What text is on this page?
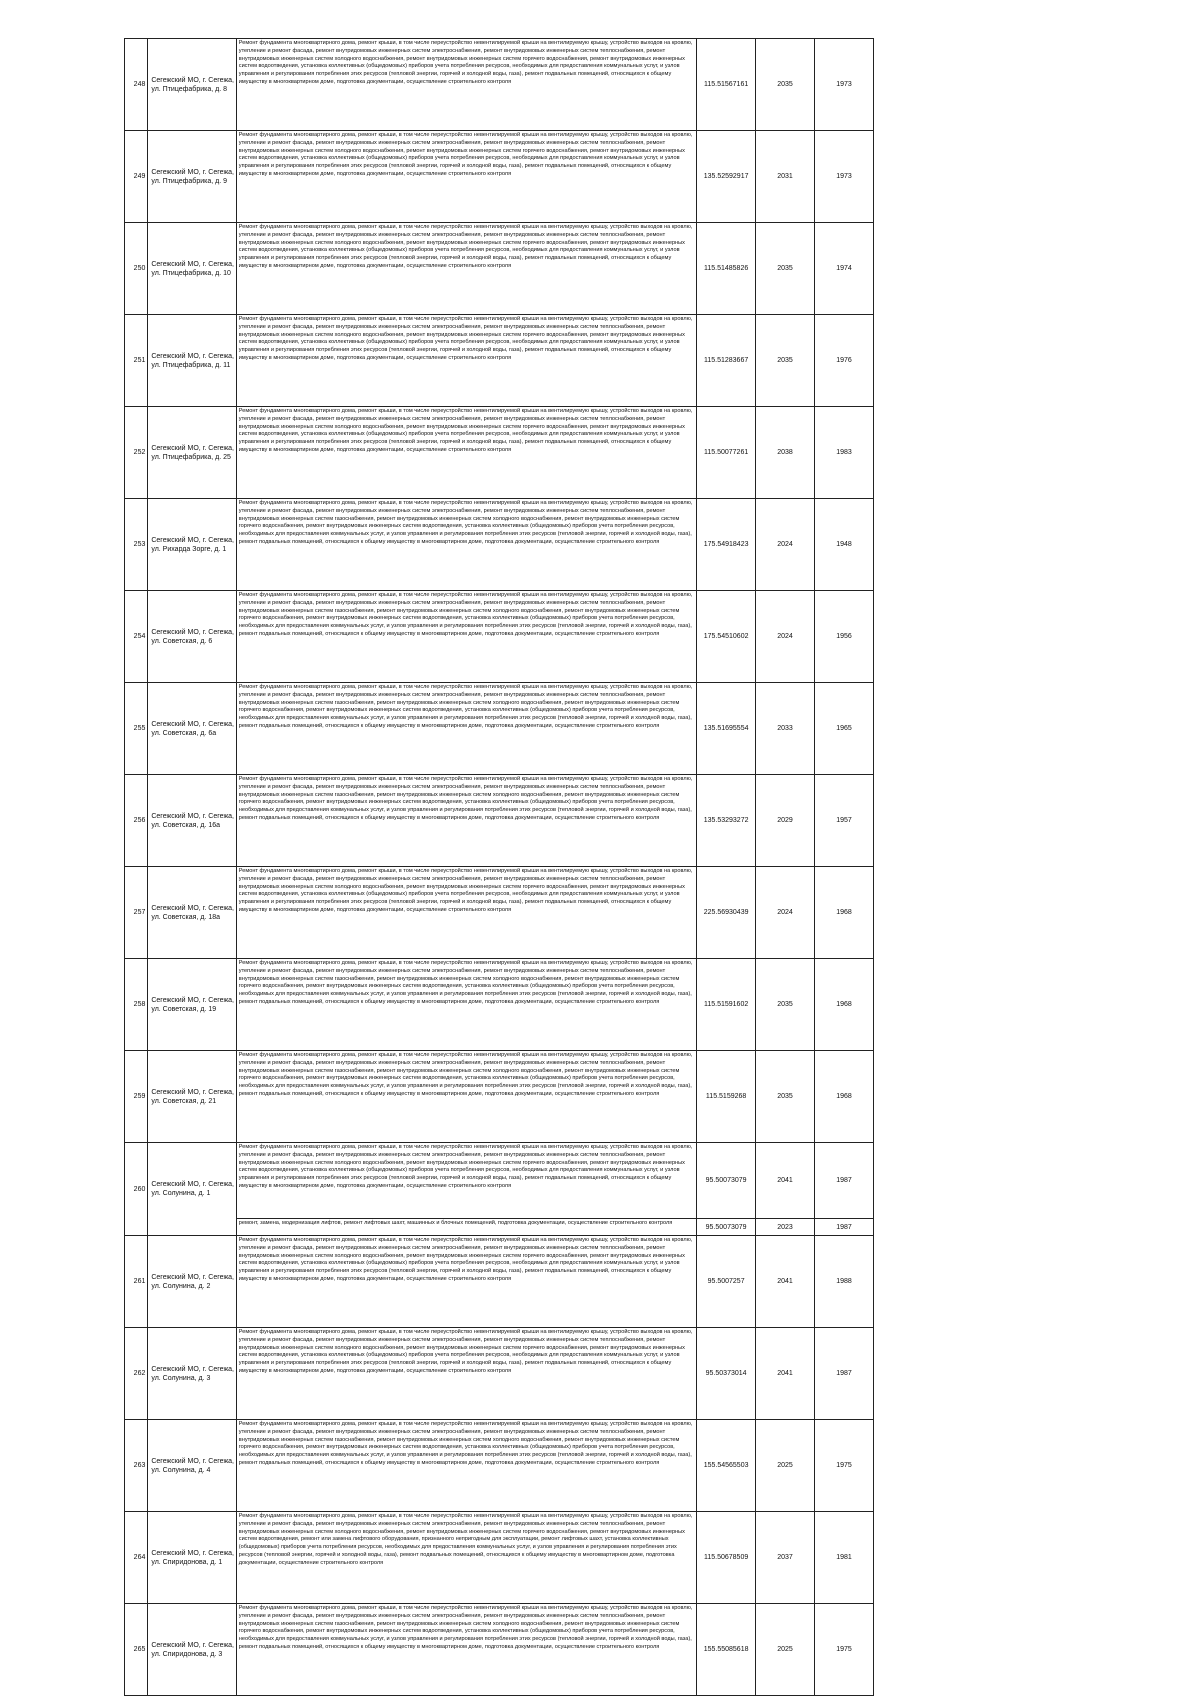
248	Сегежский МО, г. Сегежа, ул. Птицефабрика, д. 8	Ремонт фундамента многоквартирного дома, ремонт крыши, в том числе переустройство невентилируемой крыши на вентилируемую крышу, устройство выходов на кровлю, утепление и ремонт фасада, ремонт внутридомовых инженерных систем электроснабжения, ремонт внутридомовых инженерных систем теплоснабжения, ремонт внутридомовых инженерных систем холодного водоснабжения, ремонт внутридомовых инженерных систем горячего водоснабжения, ремонт внутридомовых инженерных систем водоотведения, установка коллективных (общедомовых) приборов учета потребления ресурсов, необходимых для предоставления коммунальных услуг, и узлов управления и регулирования потребления этих ресурсов (тепловой энергии, горячей и холодной воды, газа), ремонт подвальных помещений, относящихся к общему имуществу в многоквартирном доме, подготовка документации, осуществление строительного контроля	115.51567161	2035	1973
249	Сегежский МО, г. Сегежа, ул. Птицефабрика, д. 9	Ремонт фундамента многоквартирного дома, ремонт крыши, в том числе переустройство невентилируемой крыши на вентилируемую крышу, устройство выходов на кровлю, утепление и ремонт фасада, ремонт внутридомовых инженерных систем электроснабжения, ремонт внутридомовых инженерных систем теплоснабжения, ремонт внутридомовых инженерных систем холодного водоснабжения, ремонт внутридомовых инженерных систем горячего водоснабжения, ремонт внутридомовых инженерных систем водоотведения, установка коллективных (общедомовых) приборов учета потребления ресурсов, необходимых для предоставления коммунальных услуг, и узлов управления и регулирования потребления этих ресурсов (тепловой энергии, горячей и холодной воды, газа), ремонт подвальных помещений, относящихся к общему имуществу в многоквартирном доме, подготовка документации, осуществление строительного контроля	135.52592917	2031	1973
250	Сегежский МО, г. Сегежа, ул. Птицефабрика, д. 10	Ремонт фундамента многоквартирного дома, ремонт крыши, в том числе переустройство невентилируемой крыши на вентилируемую крышу, устройство выходов на кровлю, утепление и ремонт фасада, ремонт внутридомовых инженерных систем электроснабжения, ремонт внутридомовых инженерных систем теплоснабжения, ремонт внутридомовых инженерных систем холодного водоснабжения, ремонт внутридомовых инженерных систем горячего водоснабжения, ремонт внутридомовых инженерных систем водоотведения, установка коллективных (общедомовых) приборов учета потребления ресурсов, необходимых для предоставления коммунальных услуг, и узлов управления и регулирования потребления этих ресурсов (тепловой энергии, горячей и холодной воды, газа), ремонт подвальных помещений, относящихся к общему имуществу в многоквартирном доме, подготовка документации, осуществление строительного контроля	115.51485826	2035	1974
251	Сегежский МО, г. Сегежа, ул. Птицефабрика, д. 11	Ремонт фундамента многоквартирного дома, ремонт крыши, в том числе переустройство невентилируемой крыши на вентилируемую крышу, устройство выходов на кровлю, утепление и ремонт фасада, ремонт внутридомовых инженерных систем электроснабжения, ремонт внутридомовых инженерных систем теплоснабжения, ремонт внутридомовых инженерных систем холодного водоснабжения, ремонт внутридомовых инженерных систем горячего водоснабжения, ремонт внутридомовых инженерных систем водоотведения, установка коллективных (общедомовых) приборов учета потребления ресурсов, необходимых для предоставления коммунальных услуг, и узлов управления и регулирования потребления этих ресурсов (тепловой энергии, горячей и холодной воды, газа), ремонт подвальных помещений, относящихся к общему имуществу в многоквартирном доме, подготовка документации, осуществление строительного контроля	115.51283667	2035	1976
252	Сегежский МО, г. Сегежа, ул. Птицефабрика, д. 25	Ремонт фундамента многоквартирного дома, ремонт крыши, в том числе переустройство невентилируемой крыши на вентилируемую крышу, устройство выходов на кровлю, утепление и ремонт фасада, ремонт внутридомовых инженерных систем электроснабжения, ремонт внутридомовых инженерных систем теплоснабжения, ремонт внутридомовых инженерных систем холодного водоснабжения, ремонт внутридомовых инженерных систем горячего водоснабжения, ремонт внутридомовых инженерных систем водоотведения, установка коллективных (общедомовых) приборов учета потребления ресурсов, необходимых для предоставления коммунальных услуг, и узлов управления и регулирования потребления этих ресурсов (тепловой энергии, горячей и холодной воды, газа), ремонт подвальных помещений, относящихся к общему имуществу в многоквартирном доме, подготовка документации, осуществление строительного контроля	115.50077261	2038	1983
253	Сегежский МО, г. Сегежа, ул. Рихарда Зорге, д. 1	Ремонт фундамента многоквартирного дома, ремонт крыши, в том числе переустройство невентилируемой крыши на вентилируемую крышу, устройство выходов на кровлю, утепление и ремонт фасада, ремонт внутридомовых инженерных систем электроснабжения, ремонт внутридомовых инженерных систем теплоснабжения, ремонт внутридомовых инженерных систем газоснабжения, ремонт внутридомовых инженерных систем холодного водоснабжения, ремонт внутридомовых инженерных систем горячего водоснабжения, ремонт внутридомовых инженерных систем водоотведения, установка коллективных (общедомовых) приборов учета потребления ресурсов, необходимых для предоставления коммунальных услуг, и узлов управления и регулирования потребления этих ресурсов (тепловой энергии, горячей и холодной воды, газа), ремонт подвальных помещений, относящихся к общему имуществу в многоквартирном доме, подготовка документации, осуществление строительного контроля	175.54918423	2024	1948
254	Сегежский МО, г. Сегежа, ул. Советская, д. 6	Ремонт фундамента многоквартирного дома, ремонт крыши, в том числе переустройство невентилируемой крыши на вентилируемую крышу, устройство выходов на кровлю, утепление и ремонт фасада, ремонт внутридомовых инженерных систем электроснабжения, ремонт внутридомовых инженерных систем теплоснабжения, ремонт внутридомовых инженерных систем газоснабжения, ремонт внутридомовых инженерных систем холодного водоснабжения, ремонт внутридомовых инженерных систем горячего водоснабжения, ремонт внутридомовых инженерных систем водоотведения, установка коллективных (общедомовых) приборов учета потребления ресурсов, необходимых для предоставления коммунальных услуг, и узлов управления и регулирования потребления этих ресурсов (тепловой энергии, горячей и холодной воды, газа), ремонт подвальных помещений, относящихся к общему имуществу в многоквартирном доме, подготовка документации, осуществление строительного контроля	175.54510602	2024	1956
255	Сегежский МО, г. Сегежа, ул. Советская, д. 6а	Ремонт фундамента многоквартирного дома, ремонт крыши, в том числе переустройство невентилируемой крыши на вентилируемую крышу, устройство выходов на кровлю, утепление и ремонт фасада, ремонт внутридомовых инженерных систем электроснабжения, ремонт внутридомовых инженерных систем теплоснабжения, ремонт внутридомовых инженерных систем газоснабжения, ремонт внутридомовых инженерных систем холодного водоснабжения, ремонт внутридомовых инженерных систем горячего водоснабжения, ремонт внутридомовых инженерных систем водоотведения, установка коллективных (общедомовых) приборов учета потребления ресурсов, необходимых для предоставления коммунальных услуг, и узлов управления и регулирования потребления этих ресурсов (тепловой энергии, горячей и холодной воды, газа), ремонт подвальных помещений, относящихся к общему имуществу в многоквартирном доме, подготовка документации, осуществление строительного контроля	135.51695554	2033	1965
256	Сегежский МО, г. Сегежа, ул. Советская, д. 16а	Ремонт фундамента многоквартирного дома, ремонт крыши, в том числе переустройство невентилируемой крыши на вентилируемую крышу, устройство выходов на кровлю, утепление и ремонт фасада, ремонт внутридомовых инженерных систем электроснабжения, ремонт внутридомовых инженерных систем теплоснабжения, ремонт внутридомовых инженерных систем газоснабжения, ремонт внутридомовых инженерных систем холодного водоснабжения, ремонт внутридомовых инженерных систем горячего водоснабжения, ремонт внутридомовых инженерных систем водоотведения, установка коллективных (общедомовых) приборов учета потребления ресурсов, необходимых для предоставления коммунальных услуг, и узлов управления и регулирования потребления этих ресурсов (тепловой энергии, горячей и холодной воды, газа), ремонт подвальных помещений, относящихся к общему имуществу в многоквартирном доме, подготовка документации, осуществление строительного контроля	135.53293272	2029	1957
257	Сегежский МО, г. Сегежа, ул. Советская, д. 18а	Ремонт фундамента многоквартирного дома, ремонт крыши, в том числе переустройство невентилируемой крыши на вентилируемую крышу, устройство выходов на кровлю, утепление и ремонт фасада, ремонт внутридомовых инженерных систем электроснабжения, ремонт внутридомовых инженерных систем теплоснабжения, ремонт внутридомовых инженерных систем холодного водоснабжения, ремонт внутридомовых инженерных систем горячего водоснабжения, ремонт внутридомовых инженерных систем водоотведения, установка коллективных (общедомовых) приборов учета потребления ресурсов, необходимых для предоставления коммунальных услуг, и узлов управления и регулирования потребления этих ресурсов (тепловой энергии, горячей и холодной воды, газа), ремонт подвальных помещений, относящихся к общему имуществу в многоквартирном доме, подготовка документации, осуществление строительного контроля	225.56930439	2024	1968
258	Сегежский МО, г. Сегежа, ул. Советская, д. 19	Ремонт фундамента многоквартирного дома, ремонт крыши, в том числе переустройство невентилируемой крыши на вентилируемую крышу, устройство выходов на кровлю, утепление и ремонт фасада, ремонт внутридомовых инженерных систем электроснабжения, ремонт внутридомовых инженерных систем теплоснабжения, ремонт внутридомовых инженерных систем газоснабжения, ремонт внутридомовых инженерных систем холодного водоснабжения, ремонт внутридомовых инженерных систем горячего водоснабжения, ремонт внутридомовых инженерных систем водоотведения, установка коллективных (общедомовых) приборов учета потребления ресурсов, необходимых для предоставления коммунальных услуг, и узлов управления и регулирования потребления этих ресурсов (тепловой энергии, горячей и холодной воды, газа), ремонт подвальных помещений, относящихся к общему имуществу в многоквартирном доме, подготовка документации, осуществление строительного контроля	115.51591602	2035	1968
259	Сегежский МО, г. Сегежа, ул. Советская, д. 21	Ремонт фундамента многоквартирного дома, ремонт крыши, в том числе переустройство невентилируемой крыши на вентилируемую крышу, устройство выходов на кровлю, утепление и ремонт фасада, ремонт внутридомовых инженерных систем электроснабжения, ремонт внутридомовых инженерных систем теплоснабжения, ремонт внутридомовых инженерных систем газоснабжения, ремонт внутридомовых инженерных систем холодного водоснабжения, ремонт внутридомовых инженерных систем горячего водоснабжения, ремонт внутридомовых инженерных систем водоотведения, установка коллективных (общедомовых) приборов учета потребления ресурсов, необходимых для предоставления коммунальных услуг, и узлов управления и регулирования потребления этих ресурсов (тепловой энергии, горячей и холодной воды, газа), ремонт подвальных помещений, относящихся к общему имуществу в многоквартирном доме, подготовка документации, осуществление строительного контроля	115.5159268	2035	1968
260	Сегежский МО, г. Сегежа, ул. Солунина, д. 1	Ремонт фундамента многоквартирного дома, ремонт крыши, в том числе переустройство невентилируемой крыши на вентилируемую крышу, устройство выходов на кровлю, утепление и ремонт фасада, ремонт внутридомовых инженерных систем электроснабжения, ремонт внутридомовых инженерных систем теплоснабжения, ремонт внутридомовых инженерных систем холодного водоснабжения, ремонт внутридомовых инженерных систем горячего водоснабжения, ремонт внутридомовых инженерных систем водоотведения, установка коллективных (общедомовых) приборов учета потребления ресурсов, необходимых для предоставления коммунальных услуг, и узлов управления и регулирования потребления этих ресурсов (тепловой энергии, горячей и холодной воды, газа), ремонт подвальных помещений, относящихся к общему имуществу в многоквартирном доме, подготовка документации, осуществление строительного контроля	95.50073079	2041	1987
		ремонт, замена, модернизация лифтов, ремонт лифтовых шахт, машинных и блочных помещений, подготовка документации, осуществление строительного контроля	95.50073079	2023	1987
261	Сегежский МО, г. Сегежа, ул. Солунина, д. 2	Ремонт фундамента многоквартирного дома, ремонт крыши, в том числе переустройство невентилируемой крыши на вентилируемую крышу, устройство выходов на кровлю, утепление и ремонт фасада, ремонт внутридомовых инженерных систем электроснабжения, ремонт внутридомовых инженерных систем теплоснабжения, ремонт внутридомовых инженерных систем холодного водоснабжения, ремонт внутридомовых инженерных систем горячего водоснабжения, ремонт внутридомовых инженерных систем водоотведения, установка коллективных (общедомовых) приборов учета потребления ресурсов, необходимых для предоставления коммунальных услуг, и узлов управления и регулирования потребления этих ресурсов (тепловой энергии, горячей и холодной воды, газа), ремонт подвальных помещений, относящихся к общему имуществу в многоквартирном доме, подготовка документации, осуществление строительного контроля	95.5007257	2041	1988
262	Сегежский МО, г. Сегежа, ул. Солунина, д. 3	Ремонт фундамента многоквартирного дома, ремонт крыши, в том числе переустройство невентилируемой крыши на вентилируемую крышу, устройство выходов на кровлю, утепление и ремонт фасада, ремонт внутридомовых инженерных систем электроснабжения, ремонт внутридомовых инженерных систем теплоснабжения, ремонт внутридомовых инженерных систем холодного водоснабжения, ремонт внутридомовых инженерных систем горячего водоснабжения, ремонт внутридомовых инженерных систем водоотведения, установка коллективных (общедомовых) приборов учета потребления ресурсов, необходимых для предоставления коммунальных услуг, и узлов управления и регулирования потребления этих ресурсов (тепловой энергии, горячей и холодной воды, газа), ремонт подвальных помещений, относящихся к общему имуществу в многоквартирном доме, подготовка документации, осуществление строительного контроля	95.50373014	2041	1987
263	Сегежский МО, г. Сегежа, ул. Солунина, д. 4	Ремонт фундамента многоквартирного дома, ремонт крыши, в том числе переустройство невентилируемой крыши на вентилируемую крышу, устройство выходов на кровлю, утепление и ремонт фасада, ремонт внутридомовых инженерных систем электроснабжения, ремонт внутридомовых инженерных систем теплоснабжения, ремонт внутридомовых инженерных систем газоснабжения, ремонт внутридомовых инженерных систем холодного водоснабжения, ремонт внутридомовых инженерных систем горячего водоснабжения, ремонт внутридомовых инженерных систем водоотведения, установка коллективных (общедомовых) приборов учета потребления ресурсов, необходимых для предоставления коммунальных услуг, и узлов управления и регулирования потребления этих ресурсов (тепловой энергии, горячей и холодной воды, газа), ремонт подвальных помещений, относящихся к общему имуществу в многоквартирном доме, подготовка документации, осуществление строительного контроля	155.54565503	2025	1975
264	Сегежский МО, г. Сегежа, ул. Спиридонова, д. 1	Ремонт фундамента многоквартирного дома, ремонт крыши, в том числе переустройство невентилируемой крыши на вентилируемую крышу, устройство выходов на кровлю, утепление и ремонт фасада, ремонт внутридомовых инженерных систем электроснабжения, ремонт внутридомовых инженерных систем теплоснабжения, ремонт внутридомовых инженерных систем холодного водоснабжения, ремонт внутридомовых инженерных систем горячего водоснабжения, ремонт внутридомовых инженерных систем водоотведения, ремонт или замена лифтового оборудования, признанного непригодным для эксплуатации, ремонт лифтовых шахт, установка коллективных (общедомовых) приборов учета потребления ресурсов, необходимых для предоставления коммунальных услуг, и узлов управления и регулирования потребления этих ресурсов (тепловой энергии, горячей и холодной воды, газа), ремонт подвальных помещений, относящихся к общему имуществу в многоквартирном доме, подготовка документации, осуществление строительного контроля	115.50678509	2037	1981
265	Сегежский МО, г. Сегежа, ул. Спиридонова, д. 3	Ремонт фундамента многоквартирного дома, ремонт крыши, в том числе переустройство невентилируемой крыши на вентилируемую крышу, устройство выходов на кровлю, утепление и ремонт фасада, ремонт внутридомовых инженерных систем электроснабжения, ремонт внутридомовых инженерных систем теплоснабжения, ремонт внутридомовых инженерных систем газоснабжения, ремонт внутридомовых инженерных систем холодного водоснабжения, ремонт внутридомовых инженерных систем горячего водоснабжения, ремонт внутридомовых инженерных систем водоотведения, установка коллективных (общедомовых) приборов учета потребления ресурсов, необходимых для предоставления коммунальных услуг, и узлов управления и регулирования потребления этих ресурсов (тепловой энергии, горячей и холодной воды, газа), ремонт подвальных помещений, относящихся к общему имуществу в многоквартирном доме, подготовка документации, осуществление строительного контроля	155.55085618	2025	1975
